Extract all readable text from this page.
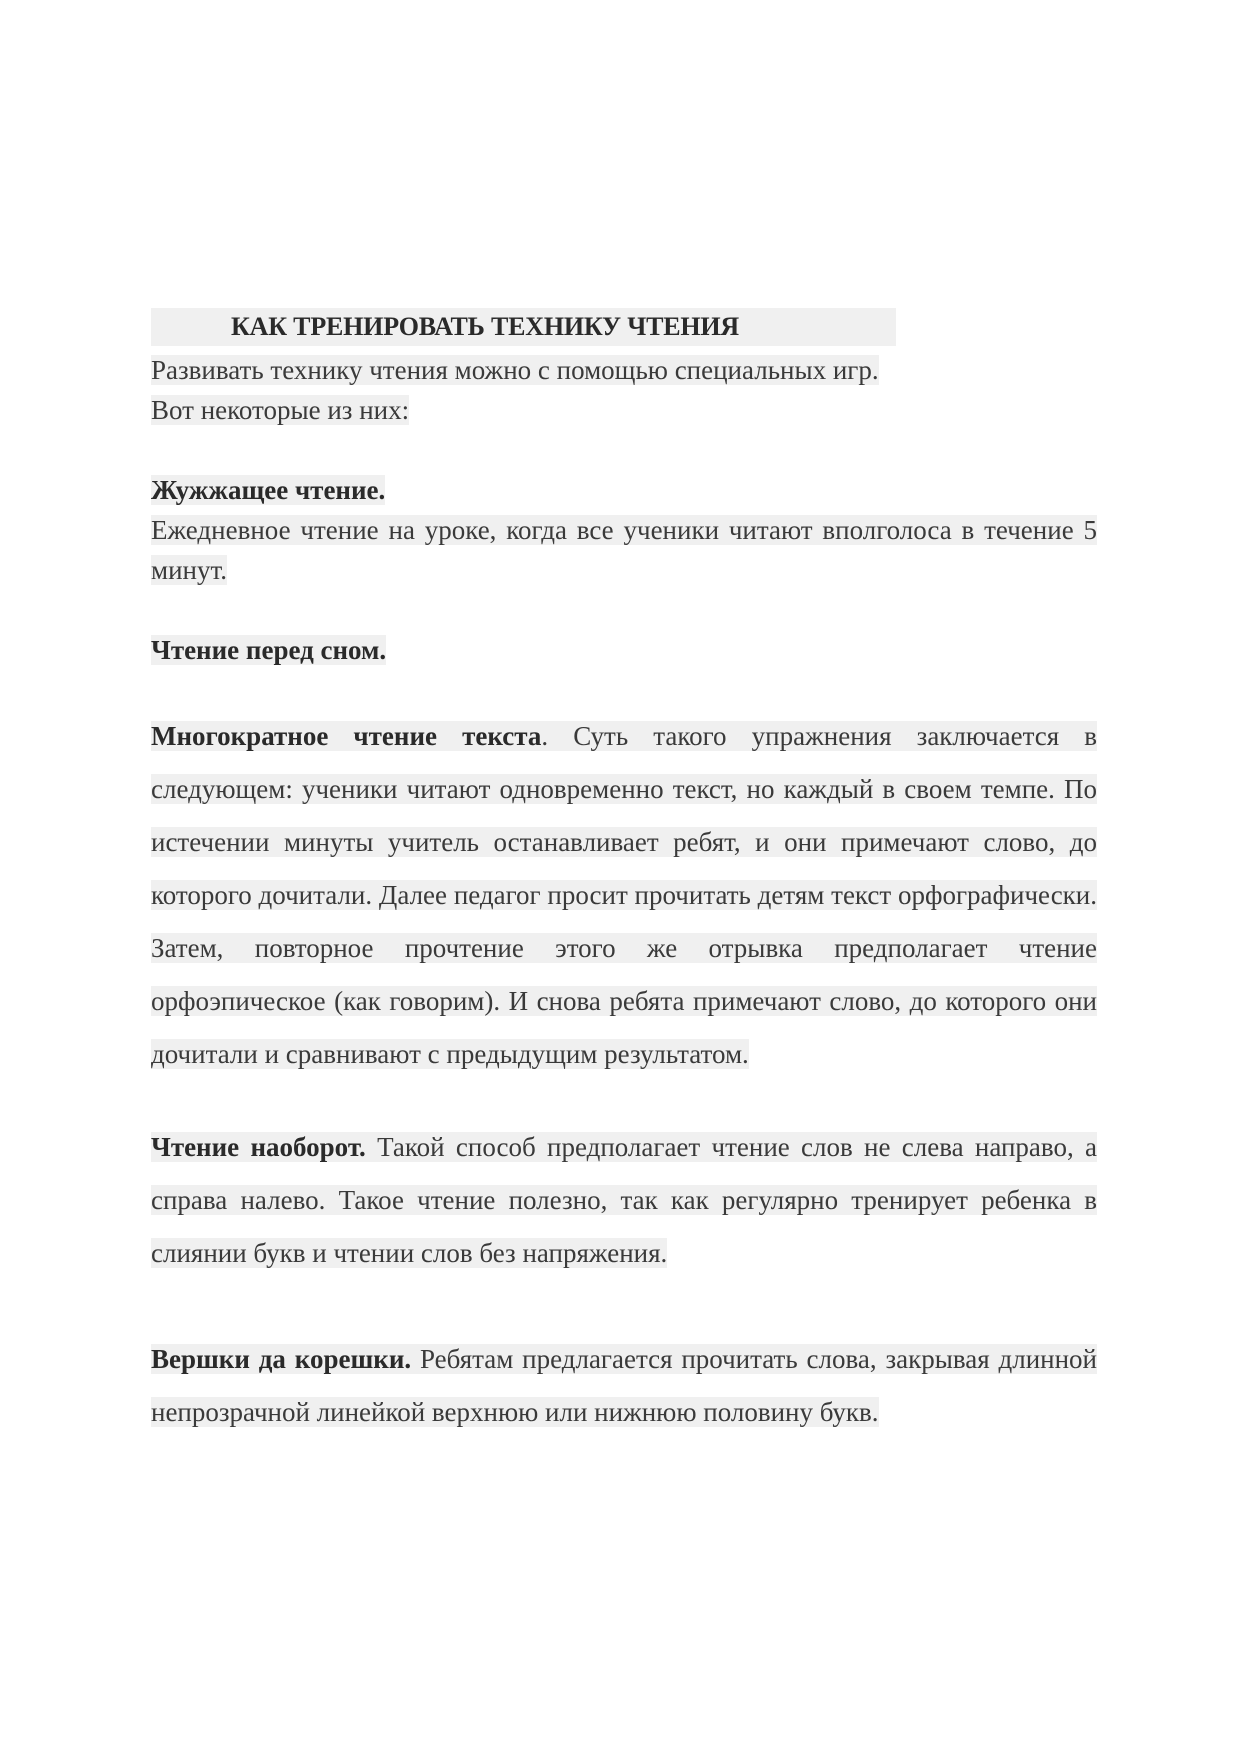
КАК ТРЕНИРОВАТЬ ТЕХНИКУ ЧТЕНИЯ

Развивать технику чтения можно с помощью специальных игр.
Вот некоторые из них:

Жужжащее чтение.
Ежедневное чтение на уроке, когда все ученики читают вполголоса в течение 5 минут.

Чтение перед сном.

Многократное чтение текста. Суть такого упражнения заключается в следующем: ученики читают одновременно текст, но каждый в своем темпе. По истечении минуты учитель останавливает ребят, и они примечают слово, до которого дочитали. Далее педагог просит прочитать детям текст орфографически. Затем, повторное прочтение этого же отрывка предполагает чтение орфоэпическое (как говорим). И снова ребята примечают слово, до которого они дочитали и сравнивают с предыдущим результатом.

Чтение наоборот. Такой способ предполагает чтение слов не слева направо, а справа налево. Такое чтение полезно, так как регулярно тренирует ребенка в слиянии букв и чтении слов без напряжения.

Вершки да корешки. Ребятам предлагается прочитать слова, закрывая длинной непрозрачной линейкой верхнюю или нижнюю половину букв.
